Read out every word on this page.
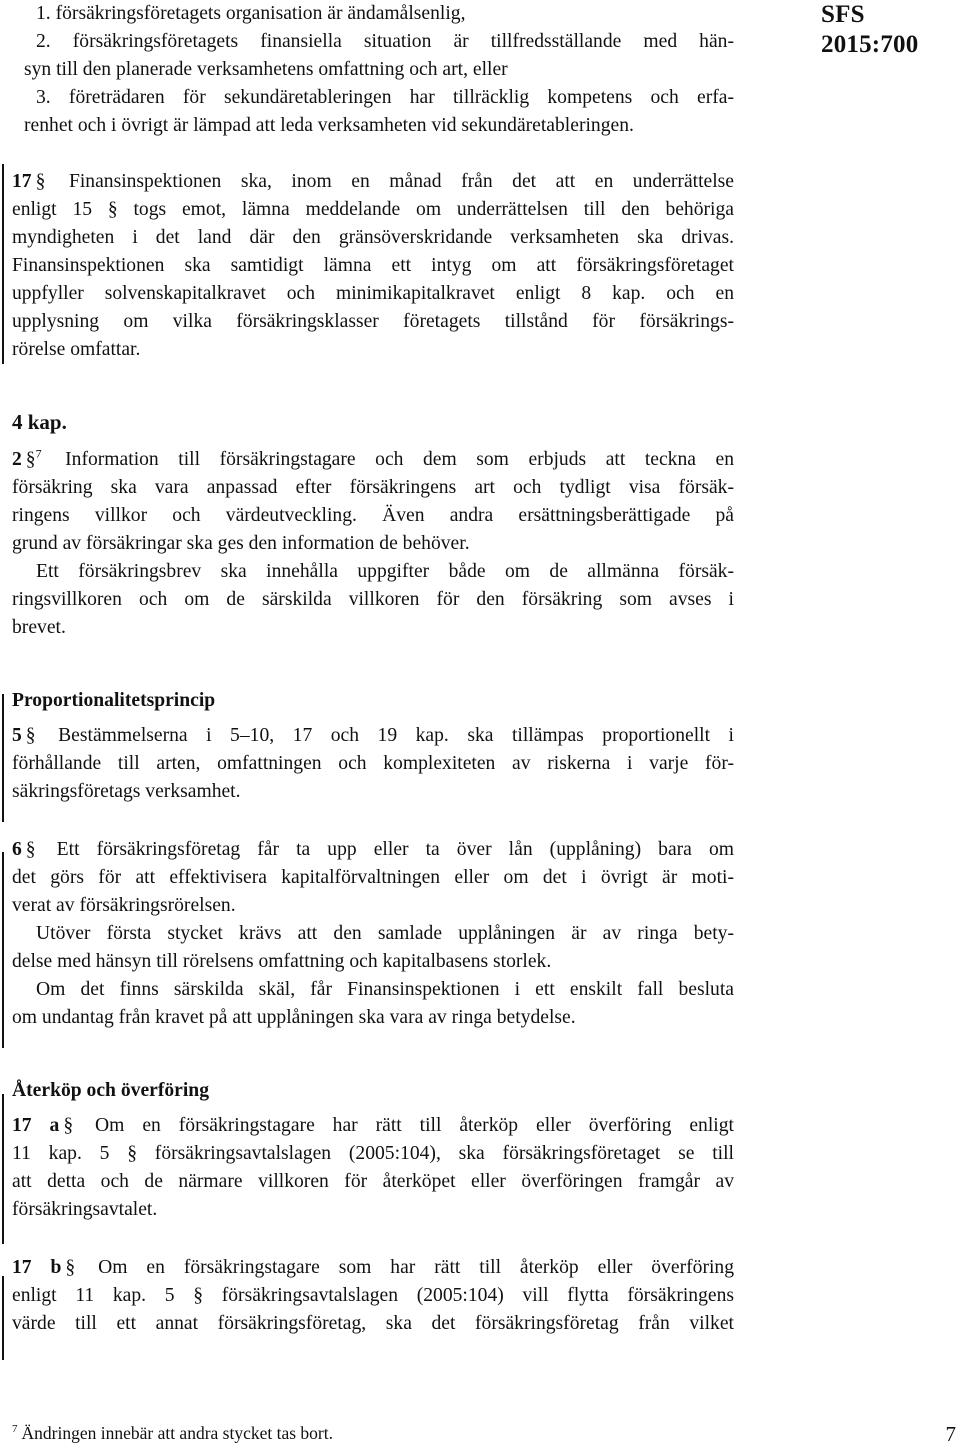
SFS 2015:700
1. försäkringsföretagets organisation är ändamålsenlig,
2. försäkringsföretagets finansiella situation är tillfredsställande med hän-
syn till den planerade verksamhetens omfattning och art, eller
3. företrädaren för sekundäretableringen har tillräcklig kompetens och erfa-
renhet och i övrigt är lämpad att leda verksamheten vid sekundäretableringen.
17 § Finansinspektionen ska, inom en månad från det att en underrättelse
enligt 15 § togs emot, lämna meddelande om underrättelsen till den behöriga
myndigheten i det land där den gränsöverskridande verksamheten ska drivas.
Finansinspektionen ska samtidigt lämna ett intyg om att försäkringsföretaget
uppfyller solvenskapitalkravet och minimikapitalkravet enligt 8 kap. och en
upplysning om vilka försäkringsklasser företagets tillstånd för försäkrings-
rörelse omfattar.
4 kap.
2 §$^7$ Information till försäkringstagare och dem som erbjuds att teckna en
försäkring ska vara anpassad efter försäkringens art och tydligt visa försäk-
ringens villkor och värdeutveckling. Även andra ersättningsberättigade på
grund av försäkringar ska ges den information de behöver.
Ett försäkringsbrev ska innehålla uppgifter både om de allmänna försäk-
ringsvillkoren och om de särskilda villkoren för den försäkring som avses i
brevet.
Proportionalitetsprincip
5 § Bestämmelserna i 5–10, 17 och 19 kap. ska tillämpas proportionellt i
förhållande till arten, omfattningen och komplexiteten av riskerna i varje för-
säkringsföretags verksamhet.
6 § Ett försäkringsföretag får ta upp eller ta över lån (upplåning) bara om
det görs för att effektivisera kapitalförvaltningen eller om det i övrigt är moti-
verat av försäkringsrörelsen.
Utöver första stycket krävs att den samlade upplåningen är av ringa bety-
delse med hänsyn till rörelsens omfattning och kapitalbasens storlek.
Om det finns särskilda skäl, får Finansinspektionen i ett enskilt fall besluta
om undantag från kravet på att upplåningen ska vara av ringa betydelse.
Återköp och överföring
17 a § Om en försäkringstagare har rätt till återköp eller överföring enligt
11 kap. 5 § försäkringsavtalslagen (2005:104), ska försäkringsföretaget se till
att detta och de närmare villkoren för återköpet eller överföringen framgår av
försäkringsavtalet.
17 b § Om en försäkringstagare som har rätt till återköp eller överföring
enligt 11 kap. 5 § försäkringsavtalslagen (2005:104) vill flytta försäkringens
värde till ett annat försäkringsföretag, ska det försäkringsföretag från vilket
$^7$ Ändringen innebär att andra stycket tas bort.	7
